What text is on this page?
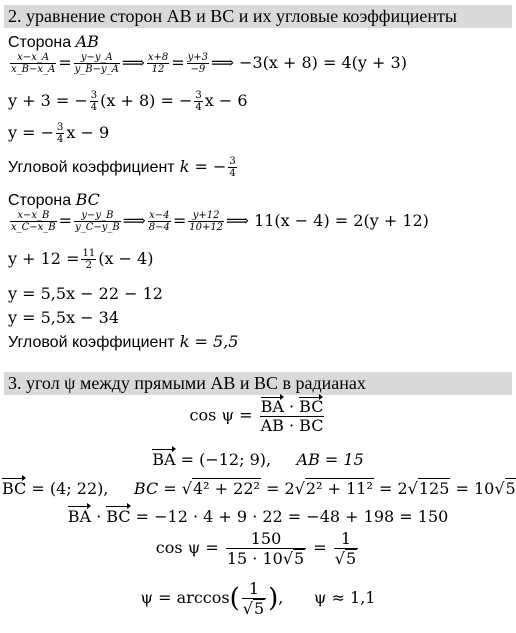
2. уравнение сторон AB и BC и их угловые коэффициенты
Сторона AB
$\frac{x-x\_A}{x\_B-x\_A} = \frac{y-y\_A}{y\_B-y\_A}$ ⟹ $\frac{x+8}{12} = \frac{y+3}{-9}$ ⟹ −3(x + 8) = 4(y + 3)
y + 3 = − $\frac{3}{4} (x + 8)$ = − $\frac{3}{4}$ x − 6
y = − $\frac{3}{4}$ x − 9
Угловой коэффициент k = − $\frac{3}{4}$
Сторона BC
$\frac{x-x\_B}{x\_C-x\_B} = \frac{y-y\_B}{y\_C-y\_B}$ ⟹ $\frac{x-4}{8-4} = \frac{y+12}{10+12}$ ⟹ 11(x − 4) = 2(y + 12)
$y + 12 = \frac{11}{2} (x - 4)$
y = 5,5x − 22 − 12
y = 5,5x − 34
Угловой коэффициент k = 5,5
3. угол ψ между прямыми AB и BC в радианах
$\cos \psi = \frac{BA \cdot BC}{AB \cdot BC}$
BA = (−12; 9), AB = 15
BC = (4; 22), BC = √4² + 22² = 2√2² + 11² = 2√125 = 10√5
BA · BC = −12 · 4 + 9 · 22 = −48 + 198 = 150
$\cos \psi = \frac{150}{15 \cdot 10√5} = \frac{1}{√5}$
$\psi = \arccos( \frac{1}{√5}$ ),      ψ ≈ 1,1
